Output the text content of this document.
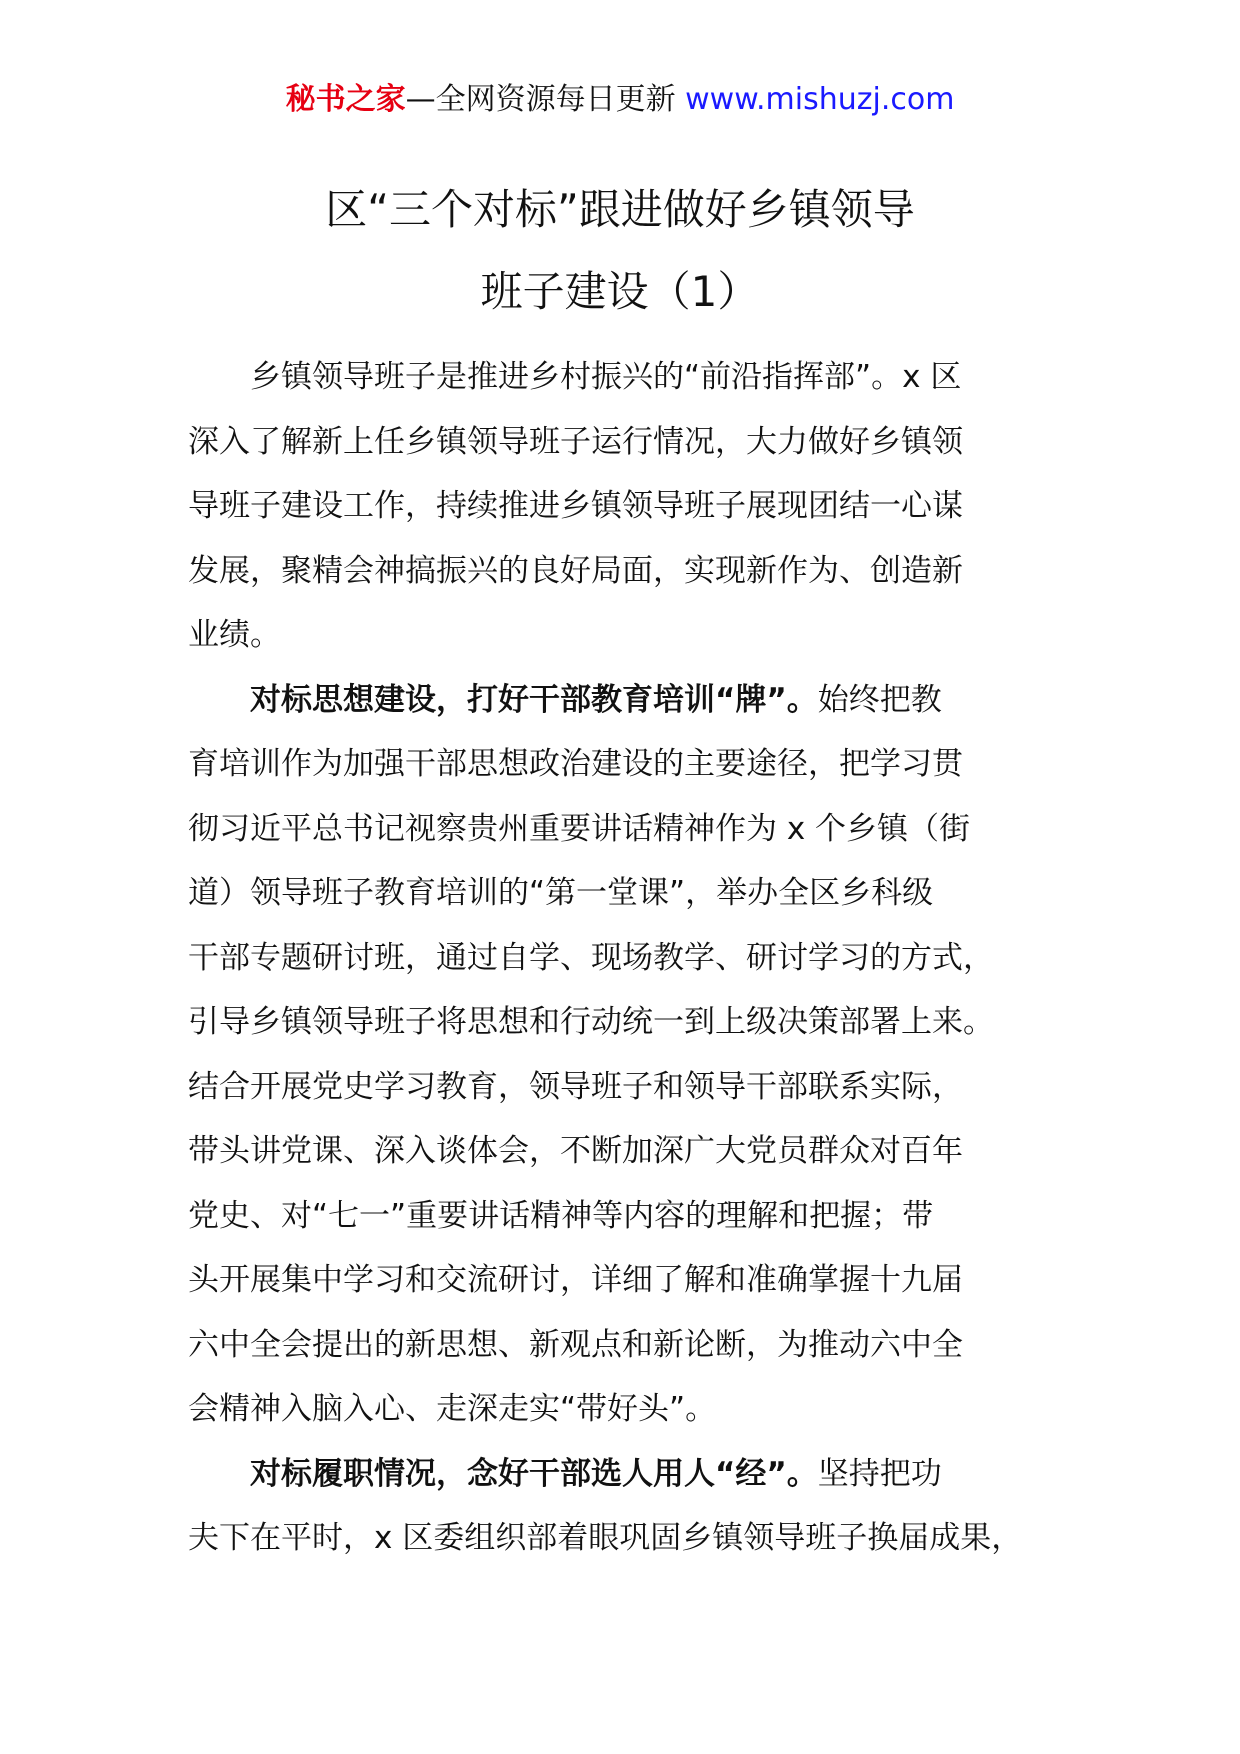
秘书之家—全网资源每日更新 www.mishuzj.com
区“三个对标”跟进做好乡镇领导
班子建设（1）
乡镇领导班子是推进乡村振兴的“前沿指挥部”。x 区
深入了解新上任乡镇领导班子运行情况，大力做好乡镇领
导班子建设工作，持续推进乡镇领导班子展现团结一心谋
发展，聚精会神搞振兴的良好局面，实现新作为、创造新
业绩。
对标思想建设，打好干部教育培训“牌”。始终把教
育培训作为加强干部思想政治建设的主要途径，把学习贯
彻习近平总书记视察贵州重要讲话精神作为 x 个乡镇（街
道）领导班子教育培训的“第一堂课”，举办全区乡科级
干部专题研讨班，通过自学、现场教学、研讨学习的方式，
引导乡镇领导班子将思想和行动统一到上级决策部署上来。
结合开展党史学习教育，领导班子和领导干部联系实际，
带头讲党课、深入谈体会，不断加深广大党员群众对百年
党史、对“七一”重要讲话精神等内容的理解和把握；带
头开展集中学习和交流研讨，详细了解和准确掌握十九届
六中全会提出的新思想、新观点和新论断，为推动六中全
会精神入脑入心、走深走实“带好头”。
对标履职情况，念好干部选人用人“经”。坚持把功
夫下在平时，x 区委组织部着眼巩固乡镇领导班子换届成果，
